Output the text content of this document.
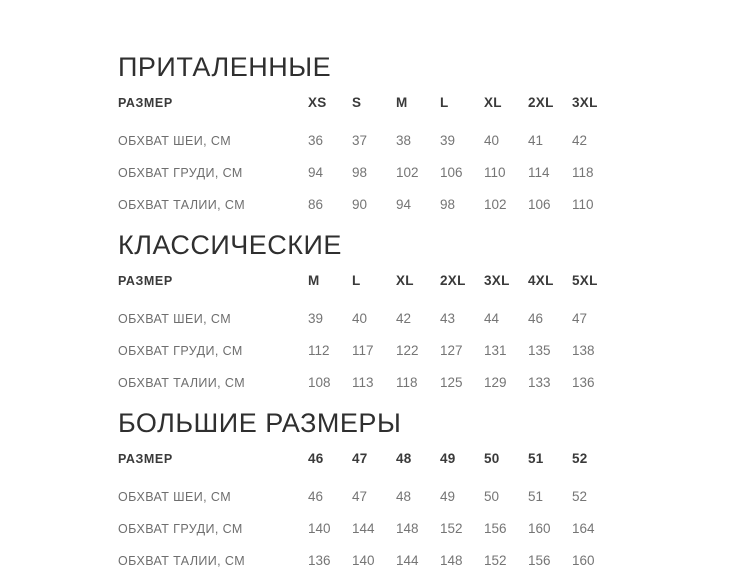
ПРИТАЛЕННЫЕ
РАЗМЕР	XS	S	M	L	XL	2XL	3XL
ОБХВАТ ШЕИ, СМ	36	37	38	39	40	41	42
ОБХВАТ ГРУДИ, СМ	94	98	102	106	110	114	118
ОБХВАТ ТАЛИИ, СМ	86	90	94	98	102	106	110
КЛАССИЧЕСКИЕ
РАЗМЕР	M	L	XL	2XL	3XL	4XL	5XL
ОБХВАТ ШЕИ, СМ	39	40	42	43	44	46	47
ОБХВАТ ГРУДИ, СМ	112	117	122	127	131	135	138
ОБХВАТ ТАЛИИ, СМ	108	113	118	125	129	133	136
БОЛЬШИЕ РАЗМЕРЫ
РАЗМЕР	46	47	48	49	50	51	52
ОБХВАТ ШЕИ, СМ	46	47	48	49	50	51	52
ОБХВАТ ГРУДИ, СМ	140	144	148	152	156	160	164
ОБХВАТ ТАЛИИ, СМ	136	140	144	148	152	156	160
